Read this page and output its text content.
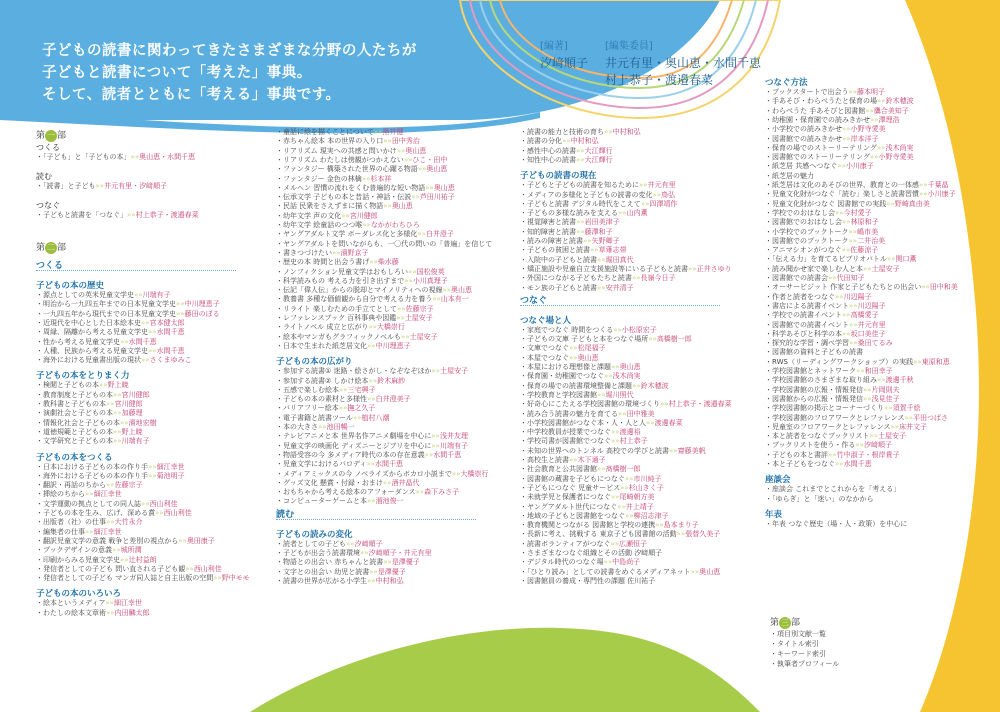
子どもの読書に関わってきたさまざまな分野の人たちが
子どもと読書について「考えた」事典。
そして、読者とともに「考える」事典です。
[編著]
汐﨑順子
[編集委員]
井元有里・奥山恵・水間千恵
村上恭子・渡邉春菜
第 一 部
つくる
・「子ども」と「子どもの本」»»奥山恵・水間千恵
読む
・「読書」と子ども»»井元有里・汐﨑順子
つなぐ
・子どもと読書を「つなぐ」»»村上恭子・渡邉春菜
第 二 部
つくる
子どもの本の歴史
・源点としての英米児童文学史»»川端有子
・明治から一九四五年までの日本児童文学史»»中川理恵子
・一九四五年から現代までの日本児童文学史»»藤田のぼる
・近現代を中心とした日本絵本史»»宮本健太郎
・周縁、隔離から考える児童文学史»»水間千恵
・性から考える児童文学史»»水間千恵
・人種、民族から考える児童文学史»»水間千恵
・海外における児童書出版の現状»»さくまゆみこ
子どもの本をとりまく力
・検閲と子どもの本»»野上暁
・教育制度と子どもの本»»宮川健郎
・教科書と子どもの本»»宮川健郎
・演劇社会と子どもの本»»加藤理
・情報化社会と子どもの本»»濱地宏樹
・道徳規範と子どもの本»»野上暁
・文学研究と子どもの本»»川端有子
子どもの本をつくる
・日本における子どもの本の作り手»»細江幸世
・海外における子どもの本の作り手»»菊池明子
・翻訳・再話のちから»»佐藤宗子
・挿絵のちから»»細江幸世
・文学運動の拠点としての同人誌»»西山利佳
・子どもの本を生み、広げ、深める賞»»西山利佳
・出版者（社）の仕事»»大竹永介
・編集者の仕事»»細江幸世
・翻訳児童文学の意義 戦争と差別の視点から»»奥田康子
・ブックデザインの意義»»城所潤
・印刷からみる児童文学史»»辻村益朗
・発信者としての子ども 問い直される子ども観»»西山利佳
・発信者としての子ども マンガ同人誌と自主出版の空間»»野中モモ
子どもの本のいろいろ
・絵本というメディア»»細江幸世
・わたしの絵本文章術»»内田麟太郎
・童話に絵を描くことについて»»黒井健
・赤ちゃん絵本 本の世界の入り口»»田中秀治
・リアリズム 現実への共感と問いかけ»»奥山恵
・リアリズム わたしは傍観がつかえない»»ひこ・田中
・ファンタジー 構築された世界の心躍る物語»»奥山恵
・ファンタジー 金色の林檎»»杉本祥
・メルヘン 習慣の流れをくむ普遍的な短い物語»»奥山恵
・伝承文学 子どもの本と昔話・神話・伝説»»芦田川祐子
・民話 民衆をさえずまに描く物語»»奥山恵
・幼年文学 声の文化»»宮川健郎
・幼年文学 絵童話のつつ喉»»なかがわちひろ
・ヤングアダルト文学 ボーダレス化と多様化»»白井澄子
・ヤングアダルトを問いながらも、一〇代の問いの「普遍」を信じて
・書きつづけたい»»濱野京子
・歴史の本 時間と出会う書げ»»柴水藤
・ノンフィクション児童文学はおもしろい»»国松俊英
・科学読みもの 考える力を引き出すまで»»小川真理子
・伝記「偉人伝」からの脱却とマイノリティへの視線»»奥山恵
・教養書 多種な価値観から自分で考える力を養う»»山本有一
・リライト 楽しむための手立てとして»»佐藤宗子
・レファレンスブック 百科事典や図鑑»»土屋安子
・ライトノベル 成立と広がり»»大橋崇行
・絵本やマンガもグラフィックノベルも»»土屋安子
・日本で生まれた紙芝居文化»»中川理恵子
子どもの本の広がり
・参加する読書① 迷路・絵さがし・なぞなぞほか»»土屋安子
・参加する読書② しかけ絵本»»鈴木麻紗
・五感で楽しむ絵本»»三宅興子
・子どもの本の素材と多様性»»白井澄美子
・バリアフリー絵本»»撫之久子
・電子書籍と読書ツール»»植村八潮
・本の大きさ»»池田暢一
・テレビアニメと本 世界名作アニメ劇場を中心に»»浅井友理
・児童文学の映画化 ディズニーとジブリを中心に»»川端有子
・物語受容の今 多メディア時代の本の存在意義»»水間千恵
・児童文学におけるパロディ»»水間千恵
・メディアミックスの今 ノベライズからボカロ小説まで»»大橋崇行
・グッズ文化 懸賞・付録・おまけ»»酒井晶代
・おもちゃから考える絵本のアフォーダンス»»森下みさ子
・コンピューターゲームと本»»溜池俊一
読む
子どもの読みの変化
・読者としての子ども»»汐﨑順子
・子どもが出会う読書環境»»汐﨑順子・井元有里
・物語との出会い 赤ちゃんと読書»»是澤優子
・文字との出会い 幼児と読書»»是澤優子
・読書の世界が広がる小学生»»中村和弘
・読書の能力と技術の育ち»»中村和弘
・読書の分化»»中村和弘
・感性中心の読書»»大江輝行
・知性中心の読書»»大江輝行
子どもの読書の現在
・子どもと子どもの読書を知るために»»井元有里
・メディアの多様化と子どもの読書の変化»»鳥弘
・子どもと読書 デジタル時代をこえて»»四澤靖作
・子どもの多様な読みを支える»»山内薫
・視覚障害と読書»»岩田美津子
・知的障害と読書»»藤澤和子
・読みの障害と読書»»矢野卿子
・子どもの貧困と読書»»草薙志帯
・入院中の子どもと読書»»堀田真代
・矯正施設や児童自立支援施設等にいる子どもと読書»»正井さゆり
・外国につながる子どもたちと読書»»長嶺今日子
・モン族の子どもと読書»»安井清子
つなぐ
つなぐ場と人
・家庭でつなぐ 時間をつくる»»小松原宏子
・子どもの文庫 子どもと本をつなぐ場所»»高橋樹一郎
・文庫でつなぐ»»松尾福子
・本屋でつなぐ»»奥山恵
・本屋における理想像と課題»»奥山恵
・保育園・幼稚園でつなぐ»»浅木尚実
・保育の場での読書環境整備と課題»»鈴木穂波
・学校教育と学校図書館»»堀川照代
・好奇心にこたえる学校図書館の環境づくり»»村上恭子・渡邉春菜
・読み合う読書の魅力を育てる»»田中雅美
・小学校図書館がつなぐ本・人・人と人»»渡邊春菜
・中学校教員が授業でつなぐ»»渡邊裕
・学校司書が図書館でつなぐ»»村上恭子
・未知の世界へのトンネル 高校での学びと読書»»齋藤美帆
・高校生と読書»»木下通子
・社会教育と公共図書館»»髙橋樹一郎
・図書館の蔵書を子どもにつなぐ»»市川純子
・子どもにつなぐ 児童サービス»»杉山きく子
・未就学児と保護者につなぐ»»尾崎朝方美
・ヤングアダルト世代につなぐ»»井上靖子
・地域の子どもと図書館をつなぐ»»柳沼志津子
・教育機関とつながる 図書館と学校の連携»»島本まり子
・長新に考え、挑戦する 東京子ども図書館の活動»»張替久美子
・読書ボランティアがつなぐ»»広瀬恒子
・さまざまなつなぐ組織とその活動 汐﨑順子
・デジタル時代のつなぐ場»»中島尚子
・「ひとり読み」としての読書をめぐるメディアネット»»奥山恵
・図書館員の養成・専門性の課題 佐川祐子
つなぐ方法
・ブックスタートで出会う»»藤本明子
・手あそび・わらべうたと保育の場»»鈴木穂波
・わらべうた 手あそびと図書館»»鷹合美知子
・幼稚園・保育園での読みきかせ»»澤理浩
・小学校での読みきかせ»»小野寺愛美
・図書館での読みきかせ»»岸本洋子
・保育の場でのストーリーテリング»»浅木尚実
・図書館でのストーリーテリング»»小野寺愛美
・紙芝居 共感へつなぐ»»小川康子
・紙芝居の魅力
・紙芝居は文化のあそびの世界、教育との一体感»»千葉晶
・児童文化財がつなぐ「読む」楽しさと読書習慣»»小川康子
・児童文化財がつなぐ 図書館での実践»»野崎真由美
・学校でのおはなし会»»今村愛子
・図書館でのおはなし会»»林原和子
・小学校でのブックトーク»»嶋市美
・図書館でのブックトーク»»二井治美
・アニマシオンがつなぐ»»佐藤涼子
・「伝える力」を育てるビブリオバトル»»関口薫
・読み聞かせ家で楽しむ人と本»»土屋安子
・図書館での読書会»»代田知子
・オーサービジット 作家と子どもたちとの出会い»»田中和美
・作者と読者をつなぐ»»川辺陽子
・書店による読書イベント»»川辺陽子
・学校での読書イベント»»高橋愛子
・図書館での読書イベント»»井元有里
・科学あそびと科学の本»»坂口美佳子
・探究的な学習・調べ学習»»桑田てるみ
・図書館の資料と子どもの読書
・RWS（リーディングワークショップ）の実践»»東原和恵
・学校図書館とネットワーク»»和田幸子
・学校図書館のさまざまな取り組み»»渡邊千秋
・学校図書館の広報・情報発信»»片岡則夫
・図書館からの広報・情報発信»»浅見佳子
・学校図書館の掲示とコーナーづくり»»須賀千絵
・学校図書館のフロアワークとレファレンス»»平田つばさ
・児童室のフロアワークとレファレンス»»床井文子
・本と読者をつなぐブックリスト»»土屋安子
・ブックリストを使う・作る»»汐﨑順子
・子どもの本と書評»»竹中淑子・根岸貴子
・本と子どもをつなぐ»»水間千恵
座談会
・座談会 これまでとこれからを「考える」
・「ゆらぎ」と「迷い」のなかから
年表
・年表 つなぐ歴史（場・人・政策）を中心に
第 三 部
・項目別文献一覧
・タイトル索引
・キーワード索引
・執筆者プロフィール
